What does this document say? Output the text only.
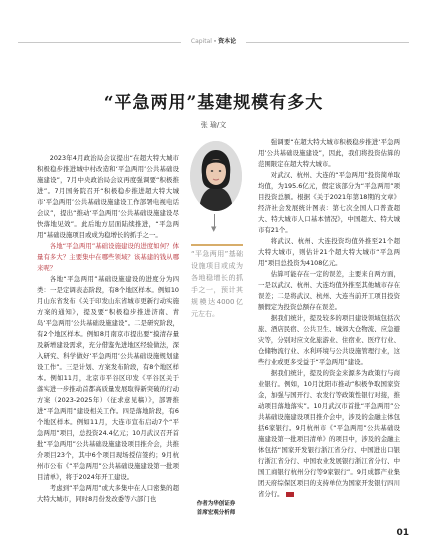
Capital · 资本论
“平急两用”基建规模有多大
张 瑜/文

2023年4月政治局会议提出“在超大特大城市积极稳步推进城中村改造和‘平急两用’公共基础设施建设”，7月中央政治局会议再度强调要“积极推进”。7月国务院召开“积极稳步推进超大特大城市‘平急两用’公共基础设施建设工作部署电视电话会议”，提出“推动‘平急两用’公共基础设施建设尽快落地见效”。此后地方层面陆续推进，“平急两用”基础设施项目或成为稳增长的抓手之一。

各地“平急两用”基础设施建设的进度如何？体量有多大？主要集中在哪些领域？该基建的钱从哪来呢？

各地“平急两用”基础设施建设的进度分为四类：一是定调表态阶段，有8个地区样本。例如10月山东省发布《关于印发山东省城市更新行动实施方案的通知》，提及要“积极稳步推进济南、青岛‘平急两用’公共基础设施建设”。二是研究阶段，有2个地区样本。例如8月南京市提出要“摸清存量及新增建设需求，充分借鉴先进地区经验做法，深入研究、科学做好‘平急两用’公共基础设施规划建设工作”。三是计划、方案发布阶段，有8个地区样本。例如11月，北京市平谷区印发《平谷区关于落实进一步推动首都高质量发展取得新突破的行动方案（2023-2025年）（征求意见稿）》，部署推进“平急两用”建设相关工作。四是落地阶段，有6个地区样本。例如11月，大连市宣布启动7个“平急两用”项目，总投资24.4亿元；10月武汉召开首批“平急两用”公共基础设施建设项目推介会，共推介项目23个，其中6个项目现场授信签约；9月杭州市公布《“平急两用”公共基础设施建设第一批项目清单》，将于2024年开工建设。

考虑到“平急两用”或大多集中在人口密集的超大特大城市，同时8月份发改委等六部门也

▼
“平急两用”基础设施项目或成为各地稳增长的抓手之一，预计其规模达4000亿元左右。

强调要“在超大特大城市积极稳步推进‘平急两用’公共基础设施建设”，因此，我们将投资估算的范围限定在超大特大城市。

对武汉、杭州、大连的“平急两用”投资简单取均值，为195.6亿元，假定该部分为“平急两用”项目投资总额。根据《关于2021年第18期的文章》经济社会发展统计图表：第七次全国人口普查超大、特大城市人口基本情况》，中国超大、特大城市有21个。

将武汉、杭州、大连投资均值外推至21个超大特大城市，则估计21个超大特大城市“平急两用”项目总投资为4108亿元。

估算可能存在一定的误差，主要来自两方面，一是以武汉、杭州、大连均值外推至其他城市存在误差；二是将武汉、杭州、大连当前开工项目投资额假定为投资总额存在误差。

据我们统计，提及较多的项目建设领域包括次旅、酒店民宿、公共卫生、城郊大仓物流、应急避灾等，分别对应文化旅游业、住宿业、医疗行业、仓储物流行业、水利环境与公共设施管理行业，这些行业或更多受益于“平急两用”建设。

据我们统计，提及的资金来源多为政策行与商业银行。例如，10月沈阳市推动“积极争取国家资金，加强与国开行、农发行等政策性银行对接，推动项目落地落实”。10月武汉市首批“平急两用”公共基础设施建设项目推介会中，涉及的金融主体包括6家银行。9月杭州市《“平急两用”公共基础设施建设第一批项目清单》的项目中，涉及的金融主体包括“国家开发银行浙江省分行、中国进出口银行浙江省分行、中国农业发展银行浙江省分行、中国工商银行杭州分行等9家银行”。9月成都产业集团天府综保区项目的支持单位为国家开发银行四川省分行。	CW

作者为华创证券
首席宏观分析师
01
